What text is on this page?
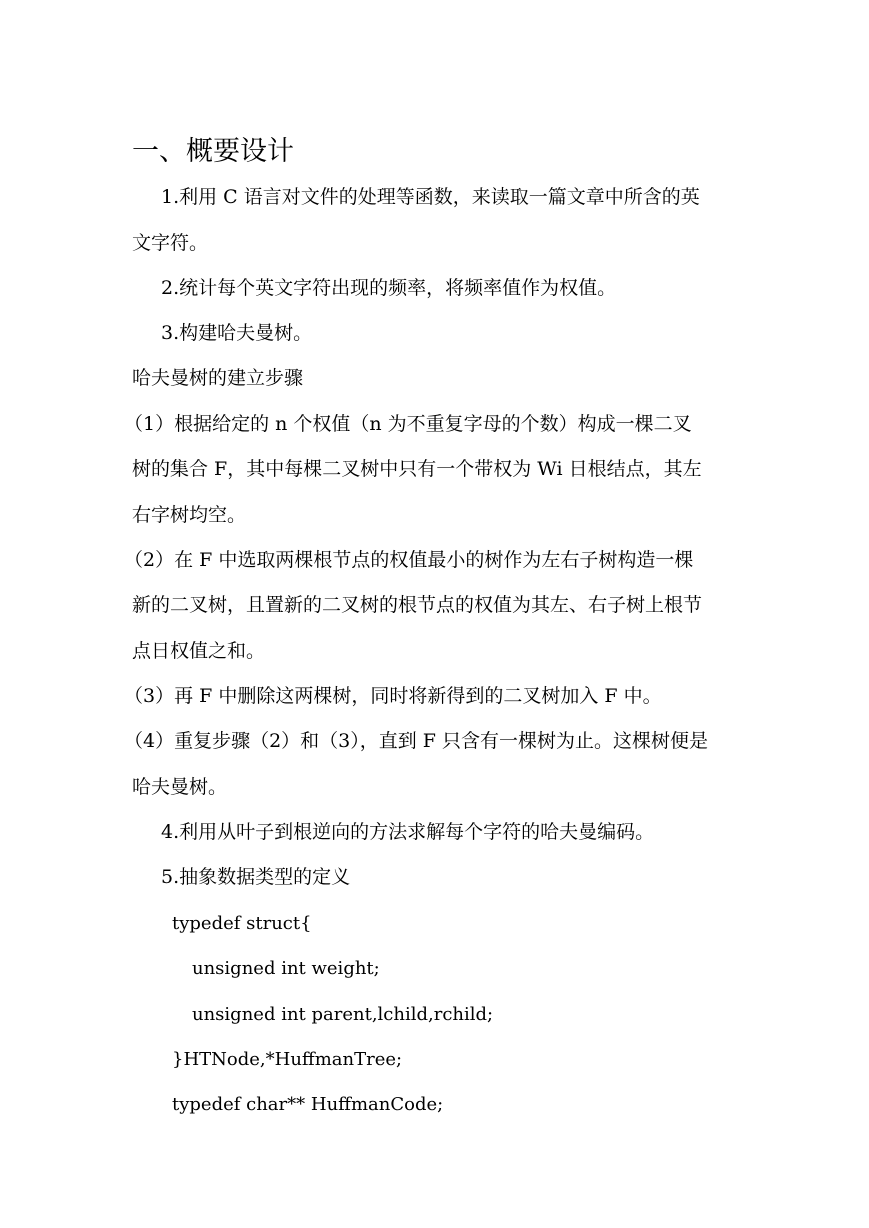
一、概要设计
1.利用 C 语言对文件的处理等函数，来读取一篇文章中所含的英
文字符。
2.统计每个英文字符出现的频率，将频率值作为权值。
3.构建哈夫曼树。
哈夫曼树的建立步骤
（1）根据给定的 n 个权值（n 为不重复字母的个数）构成一棵二叉
树的集合 F，其中每棵二叉树中只有一个带权为 Wi 日根结点，其左
右字树均空。
（2）在 F 中选取两棵根节点的权值最小的树作为左右子树构造一棵
新的二叉树，且置新的二叉树的根节点的权值为其左、右子树上根节
点日权值之和。
（3）再 F 中删除这两棵树，同时将新得到的二叉树加入 F 中。
（4）重复步骤（2）和（3），直到 F 只含有一棵树为止。这棵树便是
哈夫曼树。
4.利用从叶子到根逆向的方法求解每个字符的哈夫曼编码。
5.抽象数据类型的定义
typedef struct{
unsigned int weight;
unsigned int parent,lchild,rchild;
}HTNode,*HuffmanTree;
typedef char** HuffmanCode;
